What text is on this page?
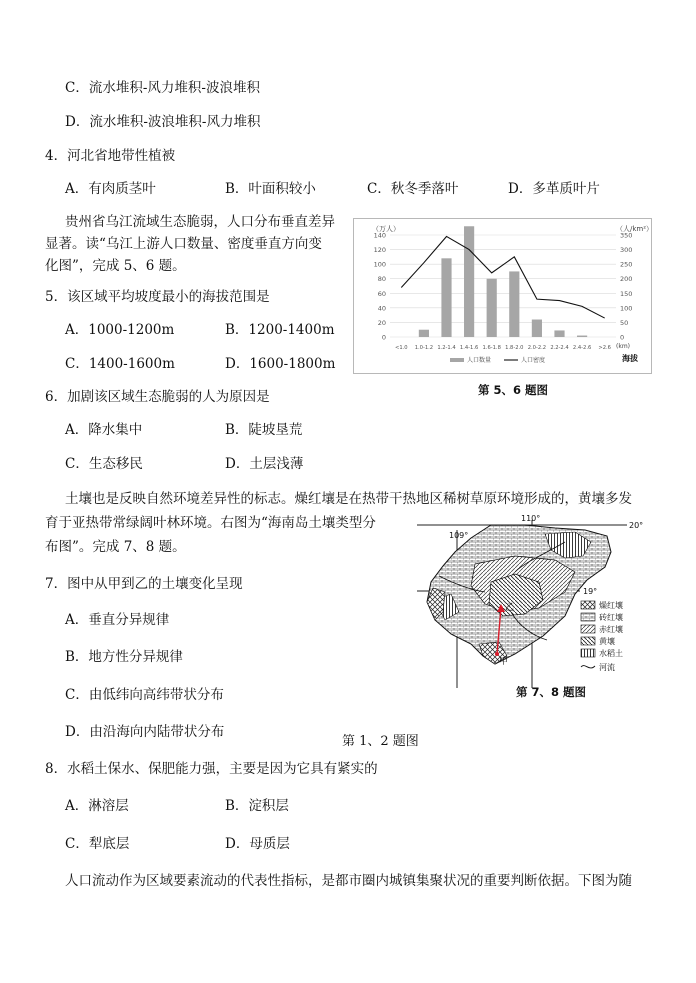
C．流水堆积-风力堆积-波浪堆积
D．流水堆积-波浪堆积-风力堆积
4．河北省地带性植被
A．有肉质茎叶	B．叶面积较小	C．秋冬季落叶	D．多革质叶片
贵州省乌江流域生态脆弱，人口分布垂直差异
显著。读“乌江上游人口数量、密度垂直方向变
化图”，完成 5、6 题。
5．该区域平均坡度最小的海拔范围是
A．1000-1200m	B．1200-1400m
C．1400-1600m	D．1600-1800m
（万人）	（人/km²）
(km)
海拔
0	0
20	50
40	100
60	150
80	200
100	250
120	300
140	350
<1.0 1.0-1.2 1.2-1.4 1.4-1.6 1.6-1.8 1.8-2.0 2.0-2.2 2.2-2.4 2.4-2.6 >2.6
人口数量	人口密度
第 5、6 题图
6．加剧该区域生态脆弱的人为原因是
A．降水集中	B．陡坡垦荒
C．生态移民	D．土层浅薄
土壤也是反映自然环境差异性的标志。燥红壤是在热带干热地区稀树草原环境形成的，黄壤多发
育于亚热带常绿阔叶林环境。右图为“海南岛土壤类型分
布图”。完成 7、8 题。
7．图中从甲到乙的土壤变化呈现
A．垂直分异规律
B．地方性分异规律
C．由低纬向高纬带状分布
D．由沿海向内陆带状分布
乙
甲
109°
110°
20°
19°
燥红壤
砖红壤
赤红壤
黄壤
水稻土
河流
第 7、8 题图
第 1、2 题图
8．水稻土保水、保肥能力强，主要是因为它具有紧实的
A．淋溶层	B．淀积层
C．犁底层	D．母质层
人口流动作为区域要素流动的代表性指标，是都市圈内城镇集聚状况的重要判断依据。下图为随
